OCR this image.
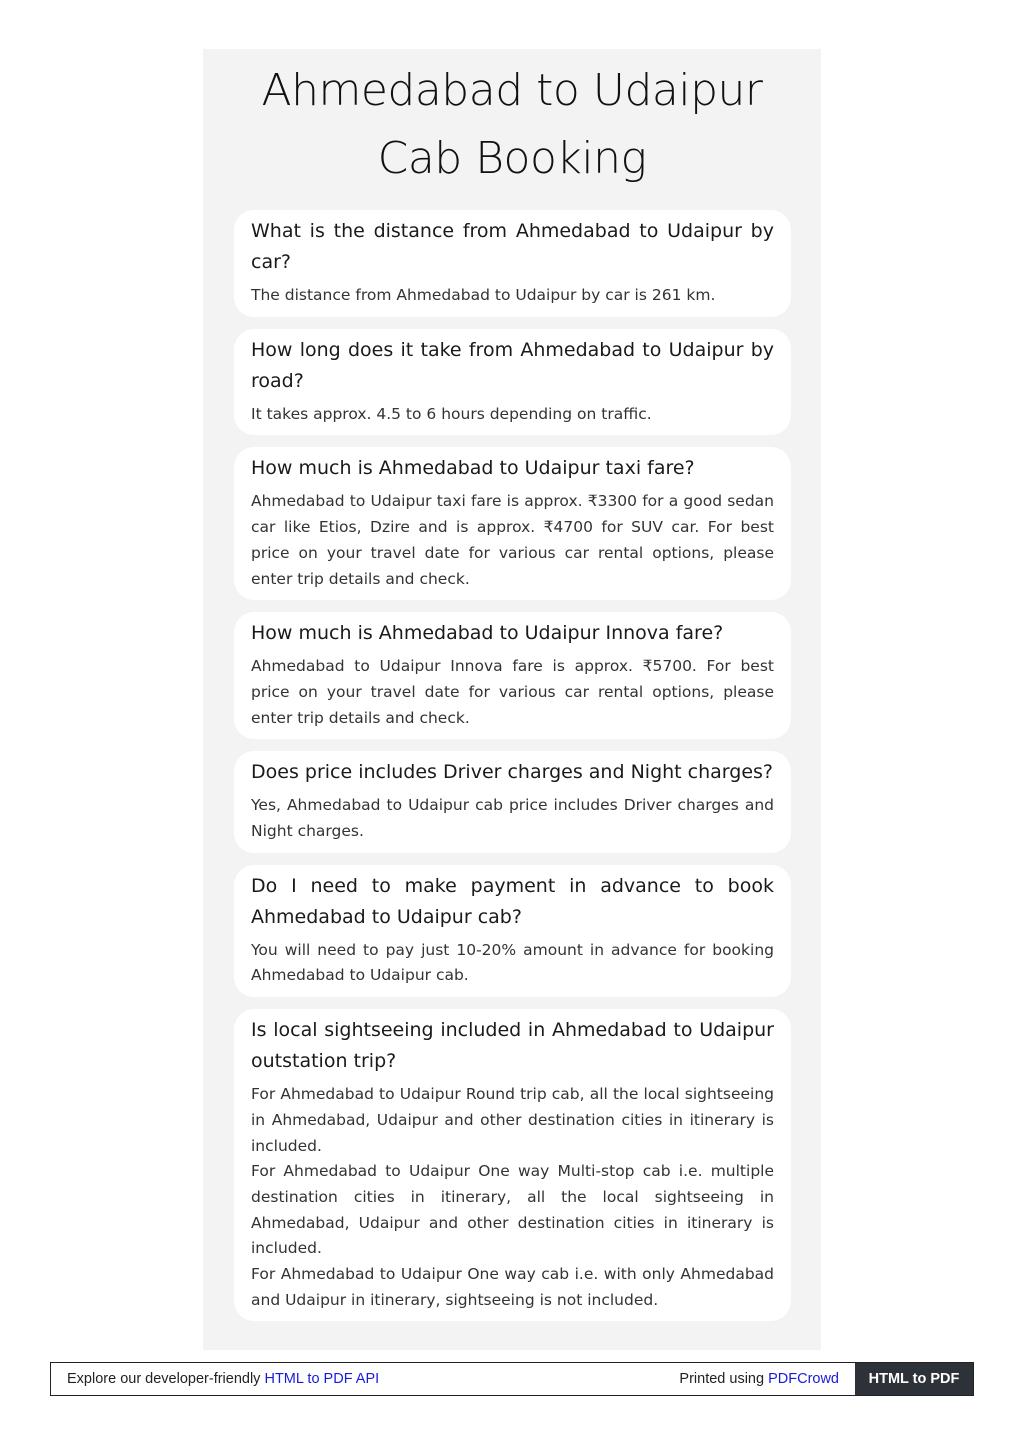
Ahmedabad to Udaipur Cab Booking
What is the distance from Ahmedabad to Udaipur by car?

The distance from Ahmedabad to Udaipur by car is 261 km.

How long does it take from Ahmedabad to Udaipur by road?

It takes approx. 4.5 to 6 hours depending on traffic.

How much is Ahmedabad to Udaipur taxi fare?

Ahmedabad to Udaipur taxi fare is approx. ₹3300 for a good sedan car like Etios, Dzire and is approx. ₹4700 for SUV car. For best price on your travel date for various car rental options, please enter trip details and check.

How much is Ahmedabad to Udaipur Innova fare?

Ahmedabad to Udaipur Innova fare is approx. ₹5700. For best price on your travel date for various car rental options, please enter trip details and check.

Does price includes Driver charges and Night charges?

Yes, Ahmedabad to Udaipur cab price includes Driver charges and Night charges.

Do I need to make payment in advance to book Ahmedabad to Udaipur cab?

You will need to pay just 10-20% amount in advance for booking Ahmedabad to Udaipur cab.

Is local sightseeing included in Ahmedabad to Udaipur outstation trip?

For Ahmedabad to Udaipur Round trip cab, all the local sightseeing in Ahmedabad, Udaipur and other destination cities in itinerary is included.

For Ahmedabad to Udaipur One way Multi-stop cab i.e. multiple destination cities in itinerary, all the local sightseeing in Ahmedabad, Udaipur and other destination cities in itinerary is included.

For Ahmedabad to Udaipur One way cab i.e. with only Ahmedabad and Udaipur in itinerary, sightseeing is not included.

Explore our developer-friendly HTML to PDF API	Printed using PDFCrowd	HTML to PDF
